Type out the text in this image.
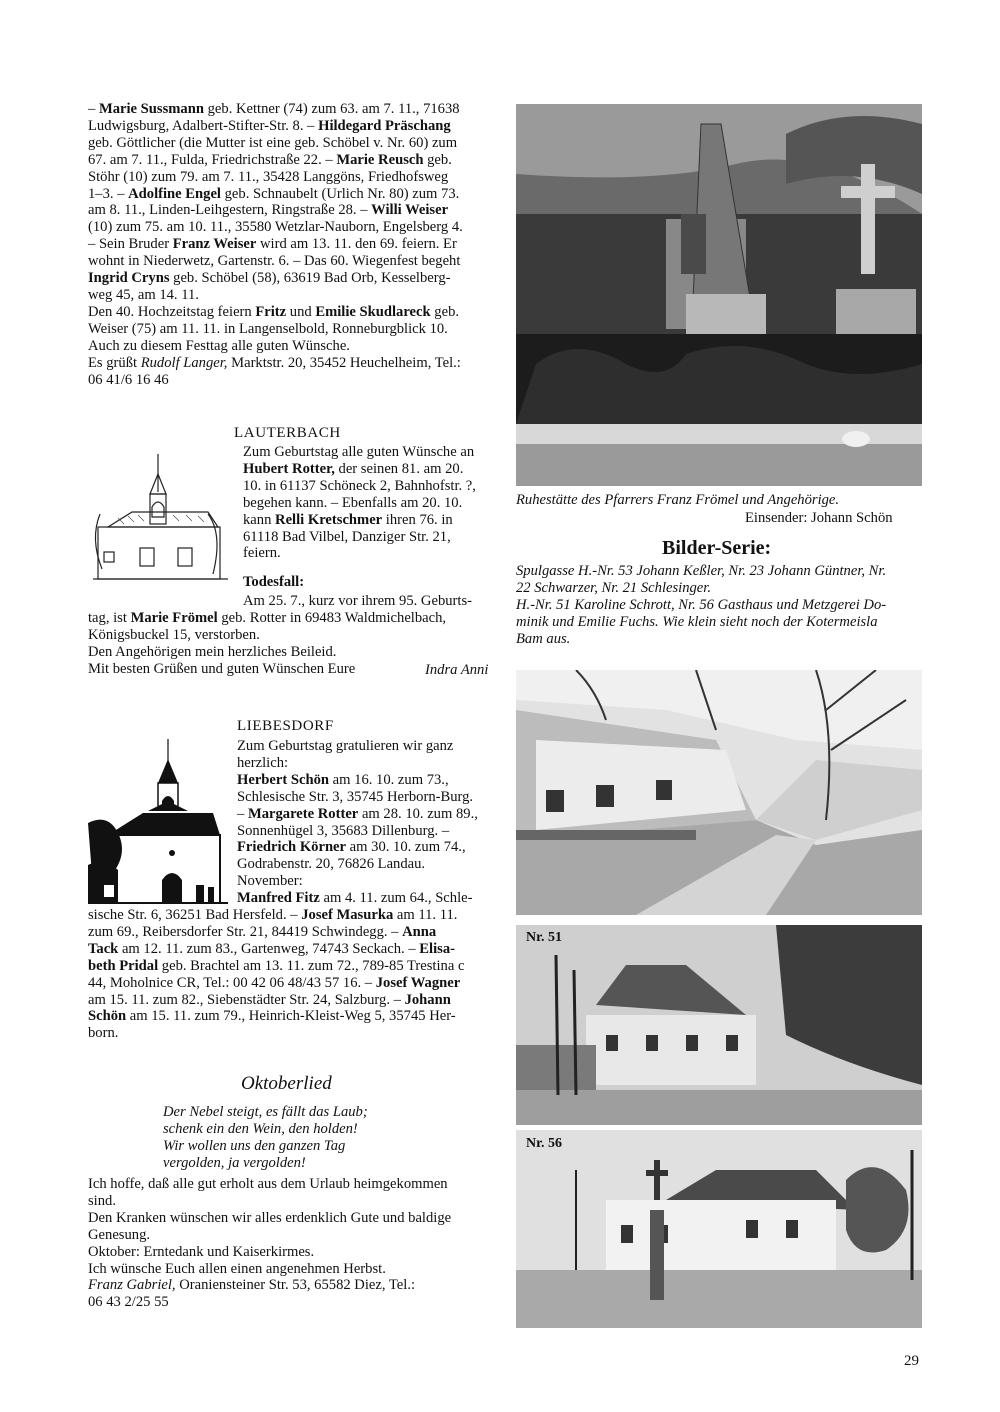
– Marie Sussmann geb. Kettner (74) zum 63. am 7. 11., 71638

Ludwigsburg, Adalbert-Stifter-Str. 8. – Hildegard Präschang

geb. Göttlicher (die Mutter ist eine geb. Schöbel v. Nr. 60) zum

67. am 7. 11., Fulda, Friedrichstraße 22. – Marie Reusch geb.

Stöhr (10) zum 79. am 7. 11., 35428 Langgöns, Friedhofsweg

1–3. – Adolfine Engel geb. Schnaubelt (Urlich Nr. 80) zum 73.

am 8. 11., Linden-Leihgestern, Ringstraße 28. – Willi Weiser

(10) zum 75. am 10. 11., 35580 Wetzlar-Nauborn, Engelsberg 4.

– Sein Bruder Franz Weiser wird am 13. 11. den 69. feiern. Er

wohnt in Niederwetz, Gartenstr. 6. – Das 60. Wiegenfest begeht

Ingrid Cryns geb. Schöbel (58), 63619 Bad Orb, Kesselberg-

weg 45, am 14. 11.

Den 40. Hochzeitstag feiern Fritz und Emilie Skudlareck geb.

Weiser (75) am 11. 11. in Langenselbold, Ronneburgblick 10.

Auch zu diesem Festtag alle guten Wünsche.

Es grüßt Rudolf Langer, Marktstr. 20, 35452 Heuchelheim, Tel.:

06 41/6 16 46

LAUTERBACH

Zum Geburtstag alle guten Wünsche an

Hubert Rotter, der seinen 81. am 20.

10. in 61137 Schöneck 2, Bahnhofstr. ?,

begehen kann. – Ebenfalls am 20. 10.

kann Relli Kretschmer ihren 76. in

61118 Bad Vilbel, Danziger Str. 21,

feiern.

Todesfall:

Am 25. 7., kurz vor ihrem 95. Geburts-

tag, ist Marie Frömel geb. Rotter in 69483 Waldmichelbach,

Königsbuckel 15, verstorben.

Den Angehörigen mein herzliches Beileid.

Mit besten Grüßen und guten Wünschen Eure	Indra Anni
LIEBESDORF

Zum Geburtstag gratulieren wir ganz

herzlich:

Herbert Schön am 16. 10. zum 73.,

Schlesische Str. 3, 35745 Herborn-Burg.

– Margarete Rotter am 28. 10. zum 89.,

Sonnenhügel 3, 35683 Dillenburg. –

Friedrich Körner am 30. 10. zum 74.,

Godrabenstr. 20, 76826 Landau.

November:

Manfred Fitz am 4. 11. zum 64., Schle-

sische Str. 6, 36251 Bad Hersfeld. – Josef Masurka am 11. 11.

zum 69., Reibersdorfer Str. 21, 84419 Schwindegg. – Anna

Tack am 12. 11. zum 83., Gartenweg, 74743 Seckach. – Elisa-

beth Pridal geb. Brachtel am 13. 11. zum 72., 789-85 Trestina c

44, Moholnice CR, Tel.: 00 42 06 48/43 57 16. – Josef Wagner

am 15. 11. zum 82., Siebenstädter Str. 24, Salzburg. – Johann

Schön am 15. 11. zum 79., Heinrich-Kleist-Weg 5, 35745 Her-

born.

Oktoberlied

Der Nebel steigt, es fällt das Laub;

schenk ein den Wein, den holden!

Wir wollen uns den ganzen Tag

vergolden, ja vergolden!

Ich hoffe, daß alle gut erholt aus dem Urlaub heimgekommen

sind.

Den Kranken wünschen wir alles erdenklich Gute und baldige

Genesung.

Oktober: Erntedank und Kaiserkirmes.

Ich wünsche Euch allen einen angenehmen Herbst.

Franz Gabriel, Oraniensteiner Str. 53, 65582 Diez, Tel.:

06 43 2/25 55

Ruhestätte des Pfarrers Franz Frömel und Angehörige.
Einsender: Johann Schön
Bilder-Serie:

Spulgasse H.-Nr. 53 Johann Keßler, Nr. 23 Johann Güntner, Nr.

22 Schwarzer, Nr. 21 Schlesinger.

H.-Nr. 51 Karoline Schrott, Nr. 56 Gasthaus und Metzgerei Do-

minik und Emilie Fuchs. Wie klein sieht noch der Kotermeisla

Bam aus.

Nr. 51
Nr. 56
29
